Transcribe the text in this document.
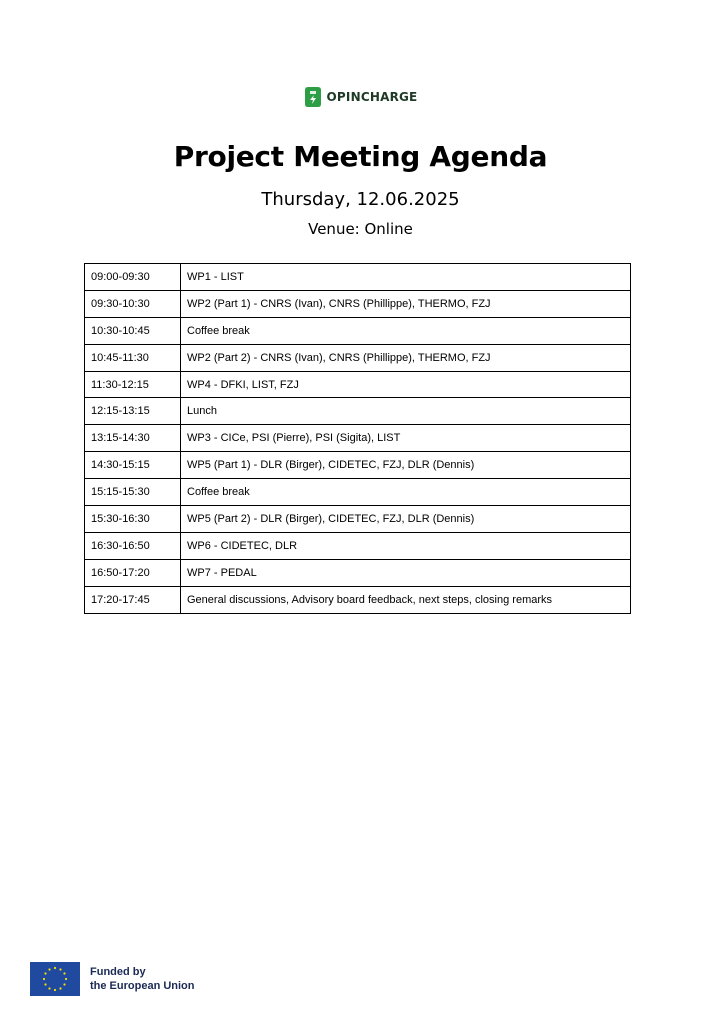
OPINCHARGE
Project Meeting Agenda
Thursday, 12.06.2025
Venue: Online
09:00-09:30	WP1 - LIST
09:30-10:30	WP2 (Part 1) - CNRS (Ivan), CNRS (Phillippe), THERMO, FZJ
10:30-10:45	Coffee break
10:45-11:30	WP2 (Part 2) - CNRS (Ivan), CNRS (Phillippe), THERMO, FZJ
11:30-12:15	WP4 - DFKI, LIST, FZJ
12:15-13:15	Lunch
13:15-14:30	WP3 - CICe, PSI (Pierre), PSI (Sigita), LIST
14:30-15:15	WP5 (Part 1) - DLR (Birger), CIDETEC, FZJ, DLR (Dennis)
15:15-15:30	Coffee break
15:30-16:30	WP5 (Part 2) - DLR (Birger), CIDETEC, FZJ, DLR (Dennis)
16:30-16:50	WP6 - CIDETEC, DLR
16:50-17:20	WP7 - PEDAL
17:20-17:45	General discussions, Advisory board feedback, next steps, closing remarks
Funded by
the European Union
